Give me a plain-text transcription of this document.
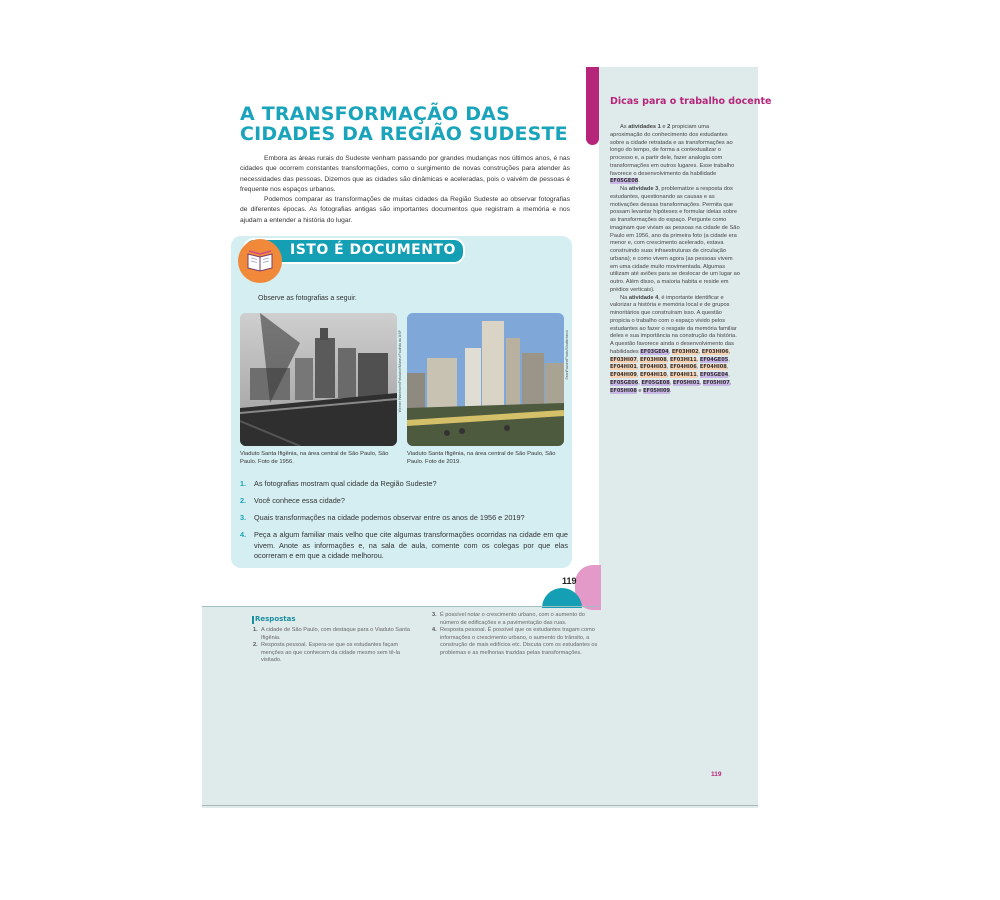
A TRANSFORMAÇÃO DAS CIDADES DA REGIÃO SUDESTE

Embora as áreas rurais do Sudeste venham passando por grandes mudanças nos últimos anos, é nas cidades que ocorrem constantes transformações, como o surgimento de novas construções para atender às necessidades das pessoas. Dizemos que as cidades são dinâmicas e aceleradas, pois o vaivém de pessoas é frequente nos espaços urbanos.

Podemos comparar as transformações de muitas cidades da Região Sudeste ao observar fotografias de diferentes épocas. As fotografias antigas são importantes documentos que registram a memória e nos ajudam a entender a história do lugar.

ISTO É DOCUMENTO
Observe as fotografias a seguir.
Werner Haberkorn/Fotolabor/Museu Paulista da USP	SeanPavonePhoto/Shutterstock
Viaduto Santa Ifigênia, na área central de São Paulo, São Paulo. Foto de 1956.
Viaduto Santa Ifigênia, na área central de São Paulo, São Paulo. Foto de 2019.
1. As fotografias mostram qual cidade da Região Sudeste?
2. Você conhece essa cidade?
3. Quais transformações na cidade podemos observar entre os anos de 1956 e 2019?
4. Peça a algum familiar mais velho que cite algumas transformações ocorridas na cidade em que vivem. Anote as informações e, na sala de aula, comente com os colegas por que elas ocorreram e em que a cidade melhorou.
119
Respostas

1. A cidade de São Paulo, com destaque para o Viaduto Santa Ifigênia.

2. Resposta pessoal. Espera-se que os estudantes façam menções ao que conhecem da cidade mesmo sem tê-la visitado.

3. É possível notar o crescimento urbano, com o aumento do número de edificações e a pavimentação das ruas.

4. Resposta pessoal. É possível que os estudantes tragam como informações o crescimento urbano, o aumento do trânsito, a construção de mais edifícios etc. Discuta com os estudantes os problemas e as melhorias trazidas pelas transformações.

Dicas para o trabalho docente

As atividades 1 e 2 propiciam uma aproximação do conhecimento dos estudantes sobre a cidade retratada e as transformações ao longo do tempo, de forma a contextualizar o processo e, a partir dele, fazer analogia com transformações em outros lugares. Esse trabalho favorece o desenvolvimento da habilidade EF05GE08.

Na atividade 3, problematize a resposta dos estudantes, questionando as causas e as motivações dessas transformações. Permita que possam levantar hipóteses e formular ideias sobre as transformações do espaço. Pergunte como imaginam que viviam as pessoas na cidade de São Paulo em 1956, ano da primeira foto (a cidade era menor e, com crescimento acelerado, estava construindo suas infraestruturas de circulação urbana); e como vivem agora (as pessoas vivem em uma cidade muito movimentada. Algumas utilizam até aviões para se deslocar de um lugar ao outro. Além disso, a maioria habita e reside em prédios verticais).

Na atividade 4, é importante identificar e valorizar a história e memória local e de grupos minoritários que construíram isso. A questão propicia o trabalho com o espaço vivido pelos estudantes ao fazer o resgate da memória familiar deles e sua importância na construção da história. A questão favorece ainda o desenvolvimento das habilidades EF03GE04, EF03HI02, EF03HI06, EF03HI07, EF03HI08, EF03HI11, EF04GE05, EF04HI01, EF04HI03, EF04HI06, EF04HI08, EF04HI09, EF04HI10, EF04HI11, EF05GE04, EF05GE06, EF05GE08, EF05HI01, EF05HI07, EF05HI08 e EF05HI09.

119
